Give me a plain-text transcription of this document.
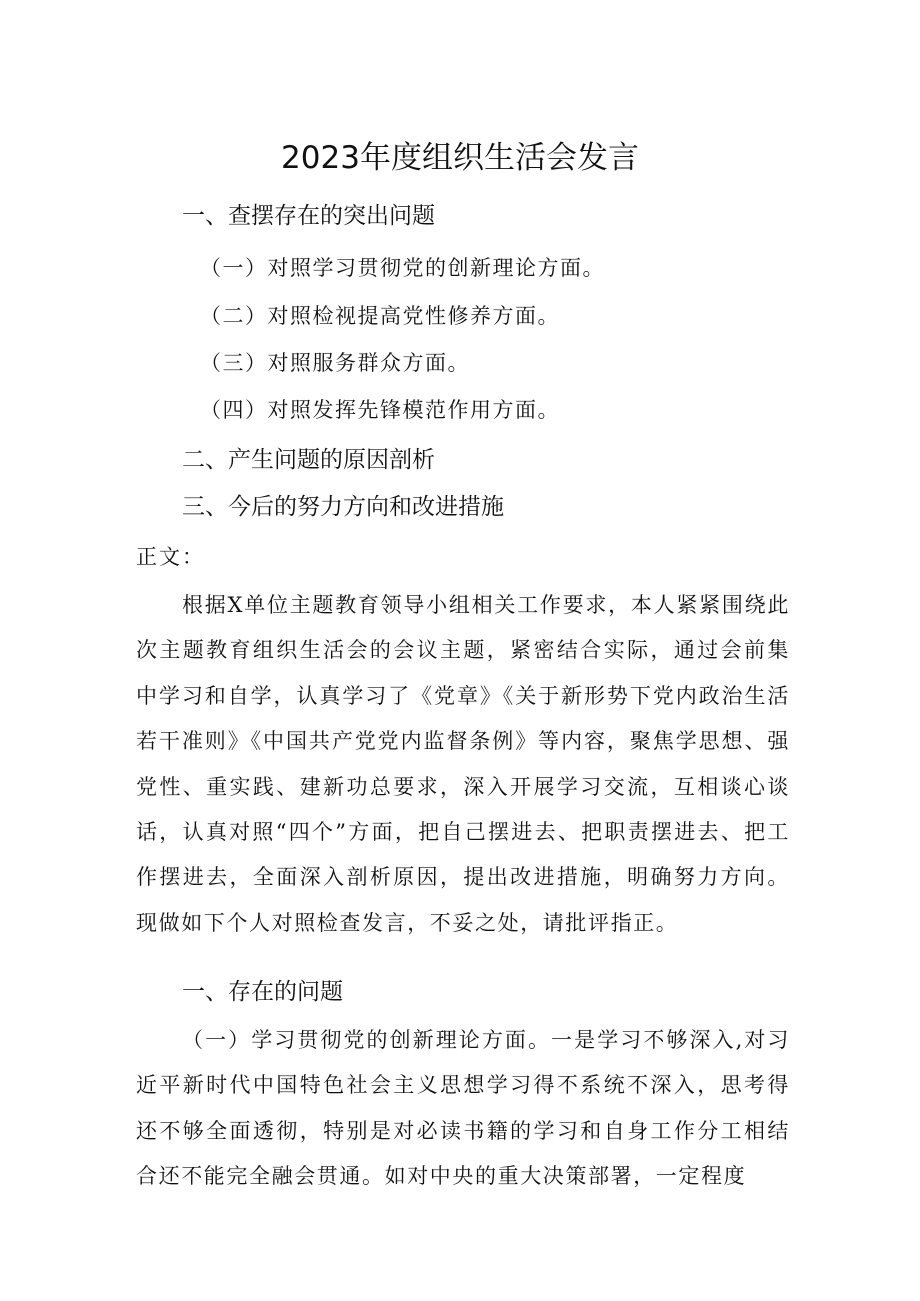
2023年度组织生活会发言
一、查摆存在的突出问题
（一）对照学习贯彻党的创新理论方面。
（二）对照检视提高党性修养方面。
（三）对照服务群众方面。
（四）对照发挥先锋模范作用方面。
二、产生问题的原因剖析
三、今后的努力方向和改进措施
正文：
根据X单位主题教育领导小组相关工作要求，本人紧紧围绕此次主题教育组织生活会的会议主题，紧密结合实际，通过会前集中学习和自学，认真学习了《党章》《关于新形势下党内政治生活若干准则》《中国共产党党内监督条例》等内容，聚焦学思想、强党性、重实践、建新功总要求，深入开展学习交流，互相谈心谈话，认真对照“四个”方面，把自己摆进去、把职责摆进去、把工作摆进去，全面深入剖析原因，提出改进措施，明确努力方向。现做如下个人对照检查发言，不妥之处，请批评指正。
一、存在的问题
（一）学习贯彻党的创新理论方面。一是学习不够深入,对习近平新时代中国特色社会主义思想学习得不系统不深入，思考得还不够全面透彻，特别是对必读书籍的学习和自身工作分工相结合还不能完全融会贯通。如对中央的重大决策部署，一定程度
